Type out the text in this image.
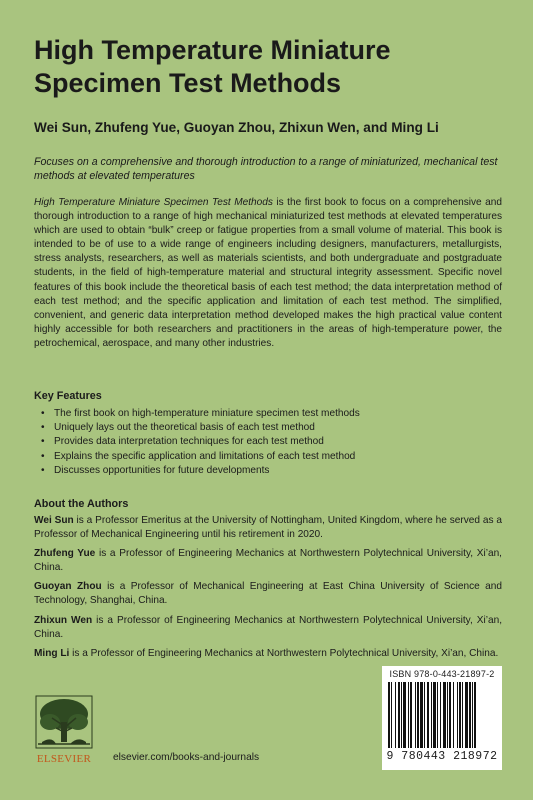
High Temperature Miniature
Specimen Test Methods

Wei Sun, Zhufeng Yue, Guoyan Zhou, Zhixun Wen, and Ming Li

Focuses on a comprehensive and thorough introduction to a range of miniaturized, mechanical test methods at elevated temperatures

High Temperature Miniature Specimen Test Methods is the first book to focus on a comprehensive and thorough introduction to a range of high mechanical miniaturized test methods at elevated temperatures which are used to obtain “bulk” creep or fatigue properties from a small volume of material. This book is intended to be of use to a wide range of engineers including designers, manufacturers, metallurgists, stress analysts, researchers, as well as materials scientists, and both undergraduate and postgraduate students, in the field of high-temperature material and structural integrity assessment. Specific novel features of this book include the theoretical basis of each test method; the data interpretation method of each test method; and the specific application and limitation of each test method. The simplified, convenient, and generic data interpretation method developed makes the high practical value content highly accessible for both researchers and practitioners in the areas of high-temperature power, the petrochemical, aerospace, and many other industries.

Key Features
• The first book on high-temperature miniature specimen test methods
• Uniquely lays out the theoretical basis of each test method
• Provides data interpretation techniques for each test method
• Explains the specific application and limitations of each test method
• Discusses opportunities for future developments
About the Authors

Wei Sun is a Professor Emeritus at the University of Nottingham, United Kingdom, where he served as a Professor of Mechanical Engineering until his retirement in 2020.

Zhufeng Yue is a Professor of Engineering Mechanics at Northwestern Polytechnical University, Xi’an, China.

Guoyan Zhou is a Professor of Mechanical Engineering at East China University of Science and Technology, Shanghai, China.

Zhixun Wen is a Professor of Engineering Mechanics at Northwestern Polytechnical University, Xi’an, China.

Ming Li is a Professor of Engineering Mechanics at Northwestern Polytechnical University, Xi’an, China.

ISBN 978-0-443-21897-2
9 780443 218972
ELSEVIER	elsevier.com/books-and-journals
